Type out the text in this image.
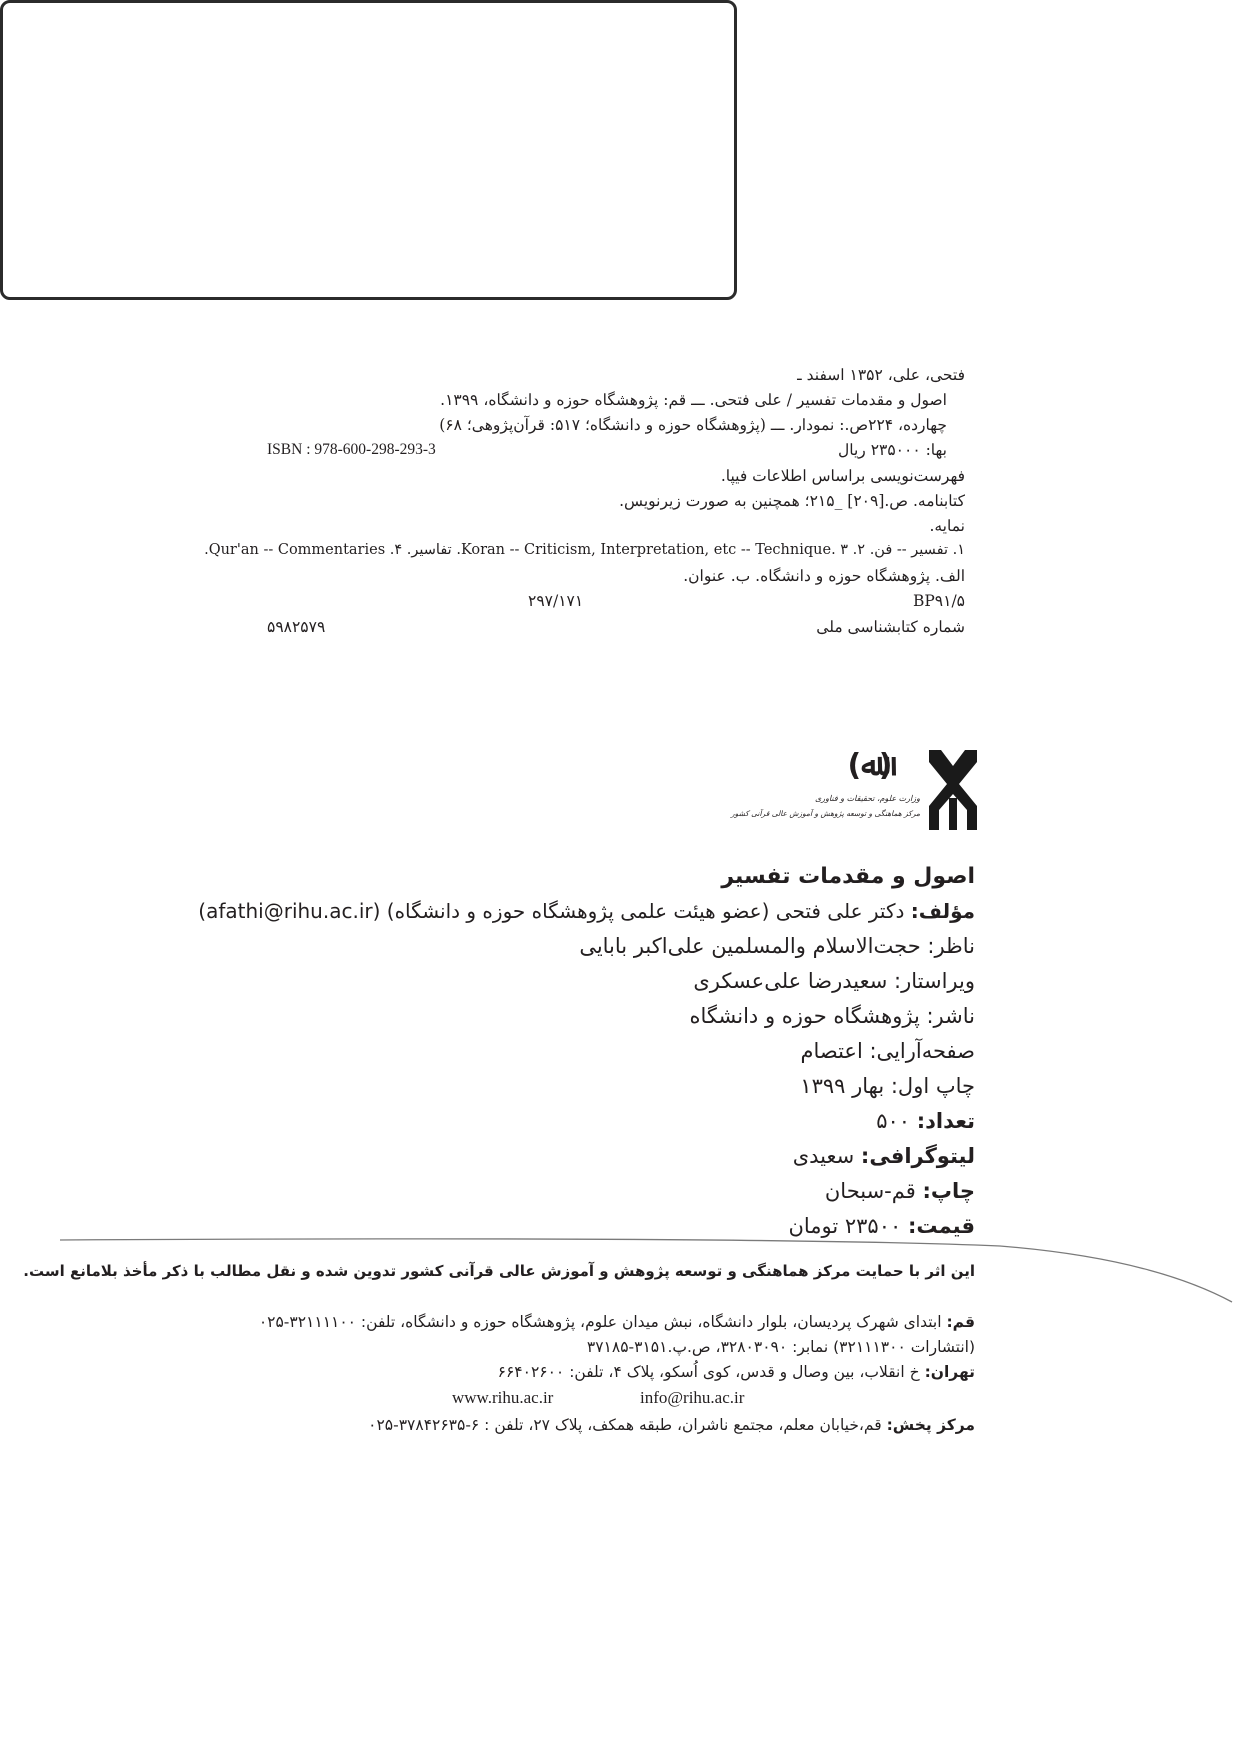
فتحی، علی، ۱۳۵۲ اسفند ـ
اصول و مقدمات تفسیر / علی فتحی. ـــ قم: پژوهشگاه حوزه و دانشگاه، ۱۳۹۹.
چهارده، ۲۲۴ص.: نمودار. ـــ (پژوهشگاه حوزه و دانشگاه؛ ۵۱۷: قرآن‌پژوهی؛ ۶۸)
بها: ۲۳۵۰۰۰ ریال
ISBN : 978-600-298-293-3
فهرست‌نویسی براساس اطلاعات فیپا.
کتابنامه. ص.[۲۰۹] _۲۱۵؛ همچنین به صورت زیرنویس.
نمایه.
۱. تفسیر -- فن. ۲. Koran -- Criticism, Interpretation, etc -- Technique. ۳. تفاسیر. ۴. Qur'an -- Commentaries.
الف. پژوهشگاه حوزه و دانشگاه. ب. عنوان.
BP۹۱/۵
۲۹۷/۱۷۱
شماره کتابشناسی ملی
۵۹۸۲۵۷۹
(ﷲ)
وزارت علوم، تحقیقات و فناوری
مرکز هماهنگی و توسعه پژوهش و آموزش عالی قرآنی کشور
اصول و مقدمات تفسیر
مؤلف: دکتر علی فتحی (عضو هیئت علمی پژوهشگاه حوزه و دانشگاه) (afathi@rihu.ac.ir)
ناظر: حجت‌الاسلام والمسلمین علی‌اکبر بابایی
ویراستار: سعیدرضا علی‌عسکری
ناشر: پژوهشگاه حوزه و دانشگاه
صفحه‌آرایی: اعتصام
چاپ اول: بهار ۱۳۹۹
تعداد: ۵۰۰
لیتوگرافی: سعیدی
چاپ: قم-سبحان
قیمت: ۲۳۵۰۰ تومان
این اثر با حمایت مرکز هماهنگی و توسعه پژوهش و آموزش عالی قرآنی کشور تدوین شده و نقل مطالب با ذکر مأخذ بلامانع است.
قم: ابتدای شهرک پردیسان، بلوار دانشگاه، نبش میدان علوم، پژوهشگاه حوزه و دانشگاه، تلفن: ۳۲۱۱۱۱۰۰-۰۲۵
(انتشارات ۳۲۱۱۱۳۰۰) نمابر: ۳۲۸۰۳۰۹۰، ص.پ.۳۱۵۱-۳۷۱۸۵
تهران: خ انقلاب، بین وصال و قدس، کوی اُسکو، پلاک ۴، تلفن: ۶۶۴۰۲۶۰۰
info@rihu.ac.ir
www.rihu.ac.ir
مرکز پخش: قم،خیابان معلم، مجتمع ناشران، طبقه همکف، پلاک ۲۷، تلفن : ۶-۳۷۸۴۲۶۳۵-۰۲۵
